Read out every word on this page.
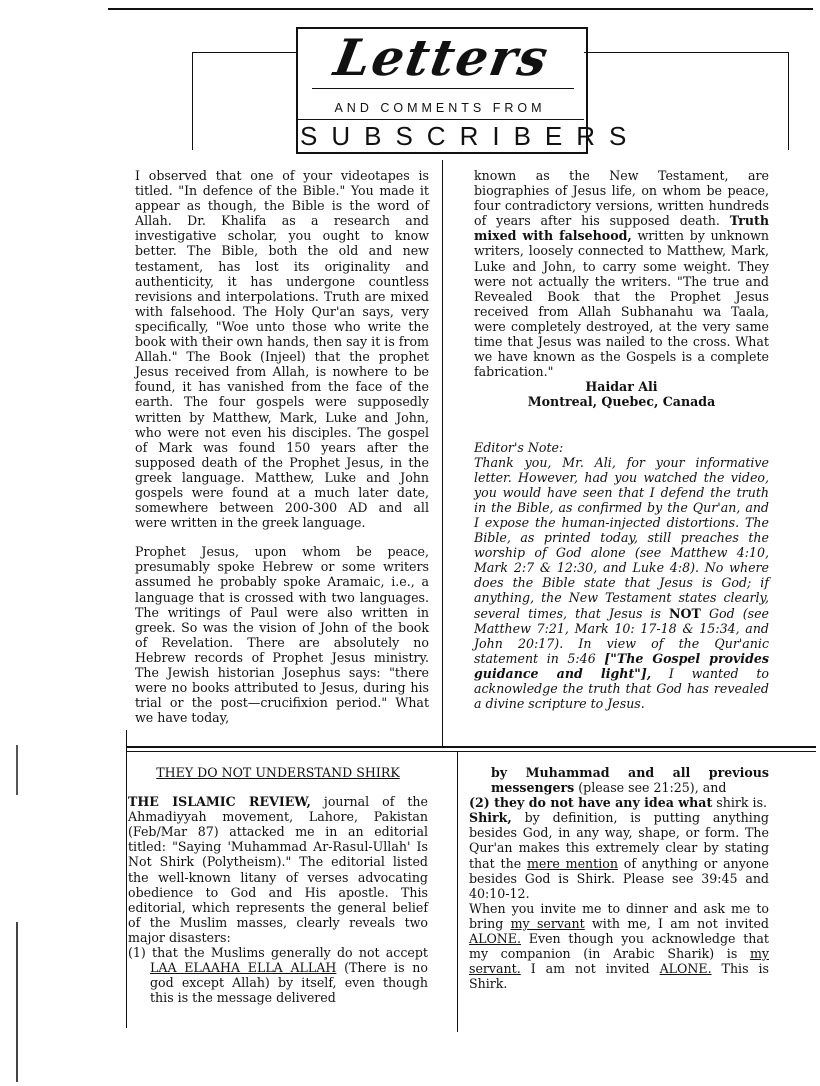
Letters
AND COMMENTS FROM
SUBSCRIBERS

I observed that one of your videotapes is titled. "In defence of the Bible." You made it appear as though, the Bible is the word of Allah. Dr. Khalifa as a research and investigative scholar, you ought to know better. The Bible, both the old and new testament, has lost its originality and authenticity, it has undergone countless revisions and interpolations. Truth are mixed with falsehood. The Holy Qur'an says, very specifically, "Woe unto those who write the book with their own hands, then say it is from Allah." The Book (Injeel) that the prophet Jesus received from Allah, is nowhere to be found, it has vanished from the face of the earth. The four gospels were supposedly written by Matthew, Mark, Luke and John, who were not even his disciples. The gospel of Mark was found 150 years after the supposed death of the Prophet Jesus, in the greek language. Matthew, Luke and John gospels were found at a much later date, somewhere between 200-300 AD and all were written in the greek language.

Prophet Jesus, upon whom be peace, presumably spoke Hebrew or some writers assumed he probably spoke Aramaic, i.e., a language that is crossed with two languages. The writings of Paul were also written in greek. So was the vision of John of the book of Revelation. There are absolutely no Hebrew records of Prophet Jesus ministry. The Jewish historian Josephus says: "there were no books attributed to Jesus, during his trial or the post—crucifixion period." What we have today,

known as the New Testament, are biographies of Jesus life, on whom be peace, four contradictory versions, written hundreds of years after his supposed death. Truth mixed with falsehood, written by unknown writers, loosely connected to Matthew, Mark, Luke and John, to carry some weight. They were not actually the writers. "The true and Revealed Book that the Prophet Jesus received from Allah Subhanahu wa Taala, were completely destroyed, at the very same time that Jesus was nailed to the cross. What we have known as the Gospels is a complete fabrication."

Haidar Ali
Montreal, Quebec, Canada
Editor's Note:
Thank you, Mr. Ali, for your informative letter. However, had you watched the video, you would have seen that I defend the truth in the Bible, as confirmed by the Qur'an, and I expose the human-injected distortions. The Bible, as printed today, still preaches the worship of God alone (see Matthew 4:10, Mark 2:7 & 12:30, and Luke 4:8). No where does the Bible state that Jesus is God; if anything, the New Testament states clearly, several times, that Jesus is NOT God (see Matthew 7:21, Mark 10: 17-18 & 15:34, and John 20:17). In view of the Qur'anic statement in 5:46 ["The Gospel provides guidance and light"], I wanted to acknowledge the truth that God has revealed a divine scripture to Jesus.
THEY DO NOT UNDERSTAND SHIRK

THE ISLAMIC REVIEW, journal of the Ahmadiyyah movement, Lahore, Pakistan (Feb/Mar 87) attacked me in an editorial titled: "Saying 'Muhammad Ar-Rasul-Ullah' Is Not Shirk (Polytheism)." The editorial listed the well-known litany of verses advocating obedience to God and His apostle. This editorial, which represents the general belief of the Muslim masses, clearly reveals two major disasters:

(1) that the Muslims generally do not accept LAA ELAAHA ELLA ALLAH (There is no god except Allah) by itself, even though this is the message delivered
by Muhammad and all previous messengers (please see 21:25), and
(2) they do not have any idea what shirk is.

Shirk, by definition, is putting anything besides God, in any way, shape, or form. The Qur'an makes this extremely clear by stating that the mere mention of anything or anyone besides God is Shirk. Please see 39:45 and 40:10-12.

When you invite me to dinner and ask me to bring my servant with me, I am not invited ALONE. Even though you acknowledge that my companion (in Arabic Sharik) is my servant. I am not invited ALONE. This is Shirk.
